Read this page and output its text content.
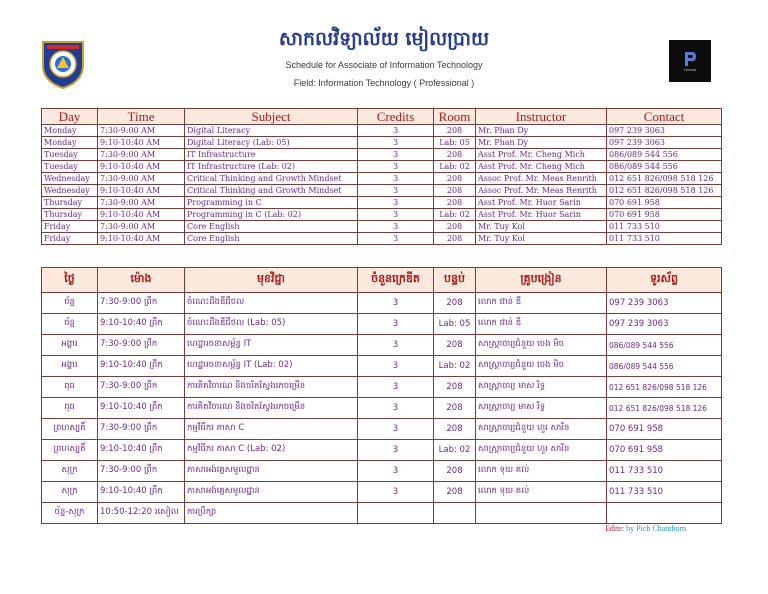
FOSTEN
សាកលវិទ្យាល័យ មៀលប្រាយ
Schedule for Associate of Information Technology
Field: Information Technology ( Professional )
Day	Time	Subject	Credits	Room	Instructor	Contact
Monday	7:30-9:00 AM	Digital Literacy	3	208	Mr. Phan Dy	097 239 3063
Monday	9:10-10:40 AM	Digital Literacy (Lab: 05)	3	Lab: 05	Mr. Phan Dy	097 239 3063
Tuesday	7:30-9:00 AM	IT Infrastructure	3	208	Asst Prof. Mr. Cheng Mich	086/089 544 556
Tuesday	9:10-10:40 AM	IT Infrastructure (Lab: 02)	3	Lab: 02	Asst Prof. Mr. Cheng Mich	086/089 544 556
Wednesday	7:30-9:00 AM	Critical Thinking and Growth Mindset	3	208	Assoc Prof. Mr. Meas Renrith	012 651 826/098 518 126
Wednesday	9:10-10:40 AM	Critical Thinking and Growth Mindset	3	208	Assoc Prof. Mr. Meas Renrith	012 651 826/098 518 126
Thursday	7:30-9:00 AM	Programming in C	3	208	Asst Prof. Mr. Huor Sarin	070 691 958
Thursday	9:10-10:40 AM	Programming in C (Lab: 02)	3	Lab: 02	Asst Prof. Mr. Huor Sarin	070 691 958
Friday	7:30-9:00 AM	Core English	3	208	Mr. Tuy Kol	011 733 510
Friday	9:10-10:40 AM	Core English	3	208	Mr. Tuy Kol	011 733 510
ថ្ងៃ	ម៉ោង	មុខវិជ្ជា	ចំនួនក្រេឌីត	បន្ទប់	គ្រូបង្រៀន	ទូរស័ព្ទ
ច័ន្ទ	7:30-9:00 ព្រឹក	ចំណេះដឹងឌីជីថល	3	208	លោក ផាន់ ឌី	097 239 3063
ច័ន្ទ	9:10-10:40 ព្រឹក	ចំណេះដឹងឌីជីថល (Lab: 05)	3	Lab: 05	លោក ផាន់ ឌី	097 239 3063
អង្គារ	7:30-9:00 ព្រឹក	ហេដ្ឋារចនាសម្ព័ន្ធ IT	3	208	សាស្ត្រាចារ្យជំនួយ ចេង មិច	086/089 544 556
អង្គារ	9:10-10:40 ព្រឹក	ហេដ្ឋារចនាសម្ព័ន្ធ IT (Lab: 02)	3	Lab: 02	សាស្ត្រាចារ្យជំនួយ ចេង មិច	086/089 544 556
ពុធ	7:30-9:00 ព្រឹក	ការគិតវិចារណ និងចរិតស្វែងរកចម្រើន	3	208	សាស្ត្រាចារ្យ មាស រិទ្ធ	012 651 826/098 518 126
ពុធ	9:10-10:40 ព្រឹក	ការគិតវិចារណ និងចរិតស្វែងរកចម្រើន	3	208	សាស្ត្រាចារ្យ មាស រិទ្ធ	012 651 826/098 518 126
ព្រហស្បតិ៍	7:30-9:00 ព្រឹក	កម្មវិធីករ ភាសា C	3	208	សាស្ត្រាចារ្យជំនួយ ហួរ សារិន	070 691 958
ព្រហស្បតិ៍	9:10-10:40 ព្រឹក	កម្មវិធីករ ភាសា C (Lab: 02)	3	Lab: 02	សាស្ត្រាចារ្យជំនួយ ហួរ សារិន	070 691 958
សុក្រ	7:30-9:00 ព្រឹក	ភាសាអង់គ្លេសមូលដ្ឋាន	3	208	លោក ទុយ គល់	011 733 510
សុក្រ	9:10-10:40 ព្រឹក	ភាសាអង់គ្លេសមូលដ្ឋាន	3	208	លោក ទុយ គល់	011 733 510
ច័ន្ទ-សុក្រ	10:50-12:20 រសៀល	ការប្រឹក្សា				
Edite: by Pich Chanthorn
